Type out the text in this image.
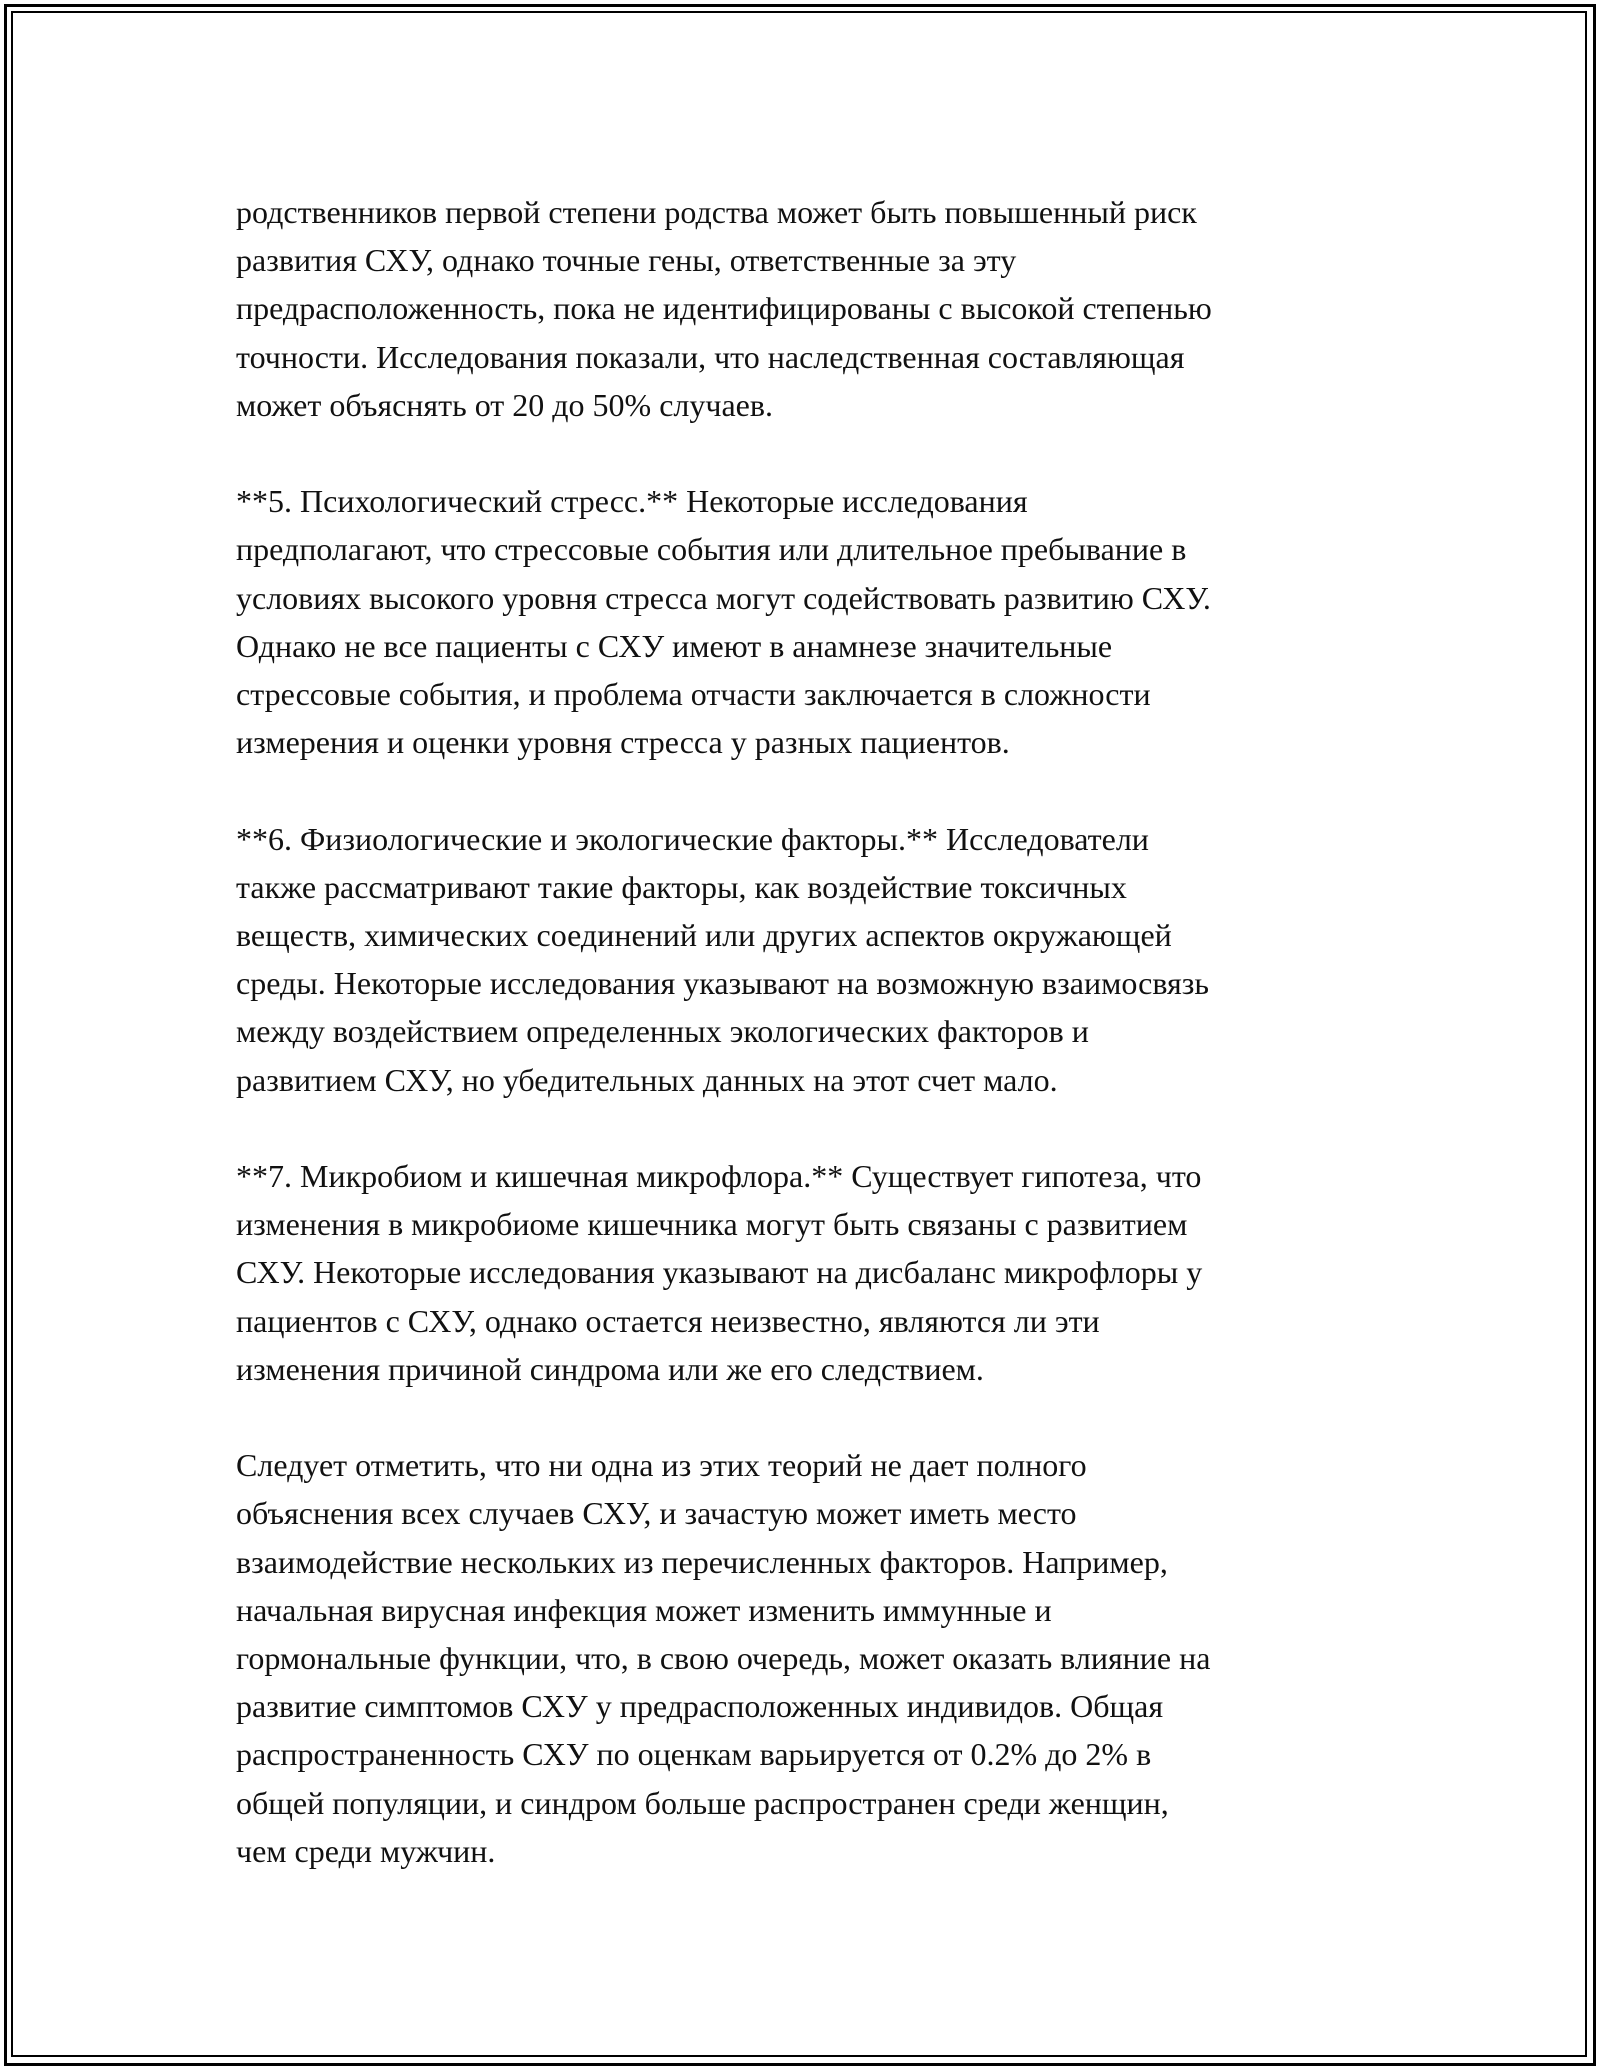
родственников первой степени родства может быть повышенный риск
развития СХУ, однако точные гены, ответственные за эту
предрасположенность, пока не идентифицированы с высокой степенью
точности. Исследования показали, что наследственная составляющая
может объяснять от 20 до 50% случаев.

**5. Психологический стресс.** Некоторые исследования
предполагают, что стрессовые события или длительное пребывание в
условиях высокого уровня стресса могут содействовать развитию СХУ.
Однако не все пациенты с СХУ имеют в анамнезе значительные
стрессовые события, и проблема отчасти заключается в сложности
измерения и оценки уровня стресса у разных пациентов.

**6. Физиологические и экологические факторы.** Исследователи
также рассматривают такие факторы, как воздействие токсичных
веществ, химических соединений или других аспектов окружающей
среды. Некоторые исследования указывают на возможную взаимосвязь
между воздействием определенных экологических факторов и
развитием СХУ, но убедительных данных на этот счет мало.

**7. Микробиом и кишечная микрофлора.** Существует гипотеза, что
изменения в микробиоме кишечника могут быть связаны с развитием
СХУ. Некоторые исследования указывают на дисбаланс микрофлоры у
пациентов с СХУ, однако остается неизвестно, являются ли эти
изменения причиной синдрома или же его следствием.

Следует отметить, что ни одна из этих теорий не дает полного
объяснения всех случаев СХУ, и зачастую может иметь место
взаимодействие нескольких из перечисленных факторов. Например,
начальная вирусная инфекция может изменить иммунные и
гормональные функции, что, в свою очередь, может оказать влияние на
развитие симптомов СХУ у предрасположенных индивидов. Общая
распространенность СХУ по оценкам варьируется от 0.2% до 2% в
общей популяции, и синдром больше распространен среди женщин,
чем среди мужчин.
